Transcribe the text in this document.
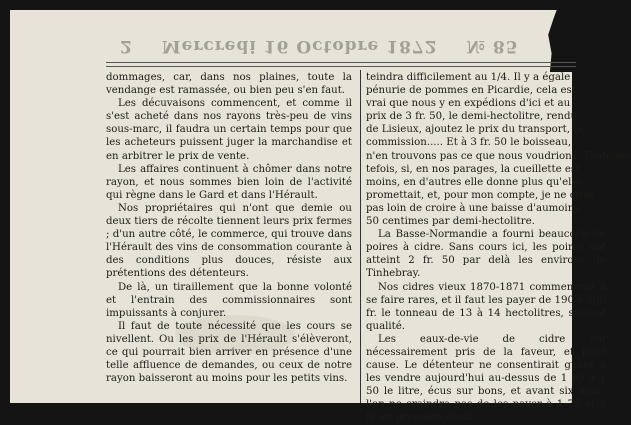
2 Mercredi 16 Octobre 1872 № 85

dommages, car, dans nos plaines, toute la vendange est ramassée, ou bien peu s'en faut.

Les décuvaisons commencent, et comme il s'est acheté dans nos rayons très-peu de vins sous-marc, il faudra un certain temps pour que les acheteurs puissent juger la marchandise et en arbitrer le prix de vente.

Les affaires continuent à chômer dans notre rayon, et nous sommes bien loin de l'activité qui règne dans le Gard et dans l'Hérault.

Nos propriétaires qui n'ont que demie ou deux tiers de récolte tiennent leurs prix fermes ; d'un autre côté, le commerce, qui trouve dans l'Hérault des vins de consommation courante à des conditions plus douces, résiste aux prétentions des détenteurs.

De là, un tiraillement que la bonne volonté et l'entrain des commissionnaires sont impuissants à conjurer.

Il faut de toute nécessité que les cours se nivellent. Ou les prix de l'Hérault s'élèveront, ce qui pourrait bien arriver en présence d'une telle affluence de demandes, ou ceux de notre rayon baisseront au moins pour les petits vins.

teindra difficilement au 1/4. Il y a égale

pénurie de pommes en Picardie, cela est

vrai que nous y en expédions d'ici et au

prix de 3 fr. 50, le demi-hectolitre, rendu

de Lisieux, ajoutez le prix du transport, la

commission..... Et à 3 fr. 50 le boisseau,

n'en trouvons pas ce que nous voudrions. Toutefois

tefois, si, en nos parages, la cueillette est

moins, en d'autres elle donne plus qu'elle

promettait, et, pour mon compte, je ne crois

pas loin de croire à une baisse d'aumoins

50 centimes par demi-hectolitre.

La Basse-Normandie a fourni beaucoup de poires à cidre. Sans cours ici, les poires ont atteint 2 fr. 50 par delà les environs de Tinhebray.

Nos cidres vieux 1870-1871 commencent à se faire rares, et il faut les payer de 190 à 200 fr. le tonneau de 13 à 14 hectolitres, suivant qualité.

Les eaux-de-vie de cidre ont nécessairement pris de la faveur, et pour cause. Le détenteur ne consentirait guère à les vendre aujourd'hui au-dessus de 1 65 à 1 50 le litre, écus sur bons, et avant six mois, l'on ne craindra pas de les payer à 1 75 et 2 fr. en premiers choix.
